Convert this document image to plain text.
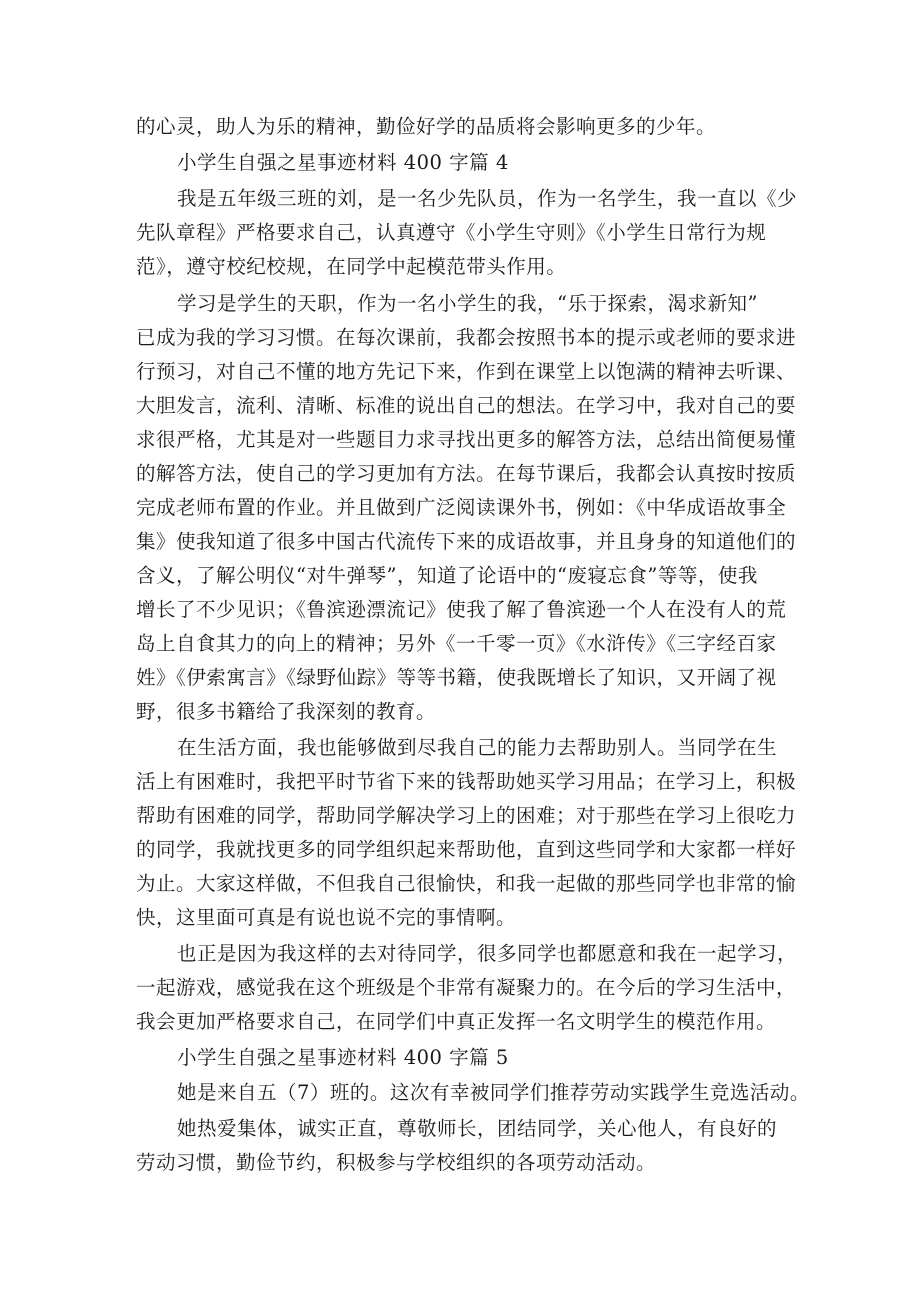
的心灵，助人为乐的精神，勤俭好学的品质将会影响更多的少年。
小学生自强之星事迹材料 400 字篇 4
我是五年级三班的刘，是一名少先队员，作为一名学生，我一直以《少
先队章程》严格要求自己，认真遵守《小学生守则》《小学生日常行为规
范》，遵守校纪校规，在同学中起模范带头作用。
学习是学生的天职，作为一名小学生的我，“乐于探索，渴求新知”
已成为我的学习习惯。在每次课前，我都会按照书本的提示或老师的要求进
行预习，对自己不懂的地方先记下来，作到在课堂上以饱满的精神去听课、
大胆发言，流利、清晰、标准的说出自己的想法。在学习中，我对自己的要
求很严格，尤其是对一些题目力求寻找出更多的解答方法，总结出简便易懂
的解答方法，使自己的学习更加有方法。在每节课后，我都会认真按时按质
完成老师布置的作业。并且做到广泛阅读课外书，例如：《中华成语故事全
集》使我知道了很多中国古代流传下来的成语故事，并且身身的知道他们的
含义，了解公明仪“对牛弹琴”，知道了论语中的“废寝忘食”等等，使我
增长了不少见识；《鲁滨逊漂流记》使我了解了鲁滨逊一个人在没有人的荒
岛上自食其力的向上的精神；另外《一千零一页》《水浒传》《三字经百家
姓》《伊索寓言》《绿野仙踪》等等书籍，使我既增长了知识，又开阔了视
野，很多书籍给了我深刻的教育。
在生活方面，我也能够做到尽我自己的能力去帮助别人。当同学在生
活上有困难时，我把平时节省下来的钱帮助她买学习用品；在学习上，积极
帮助有困难的同学，帮助同学解决学习上的困难；对于那些在学习上很吃力
的同学，我就找更多的同学组织起来帮助他，直到这些同学和大家都一样好
为止。大家这样做，不但我自己很愉快，和我一起做的那些同学也非常的愉
快，这里面可真是有说也说不完的事情啊。
也正是因为我这样的去对待同学，很多同学也都愿意和我在一起学习，
一起游戏，感觉我在这个班级是个非常有凝聚力的。在今后的学习生活中，
我会更加严格要求自己，在同学们中真正发挥一名文明学生的模范作用。
小学生自强之星事迹材料 400 字篇 5
她是来自五（7）班的。这次有幸被同学们推荐劳动实践学生竞选活动。
她热爱集体，诚实正直，尊敬师长，团结同学，关心他人，有良好的
劳动习惯，勤俭节约，积极参与学校组织的各项劳动活动。
